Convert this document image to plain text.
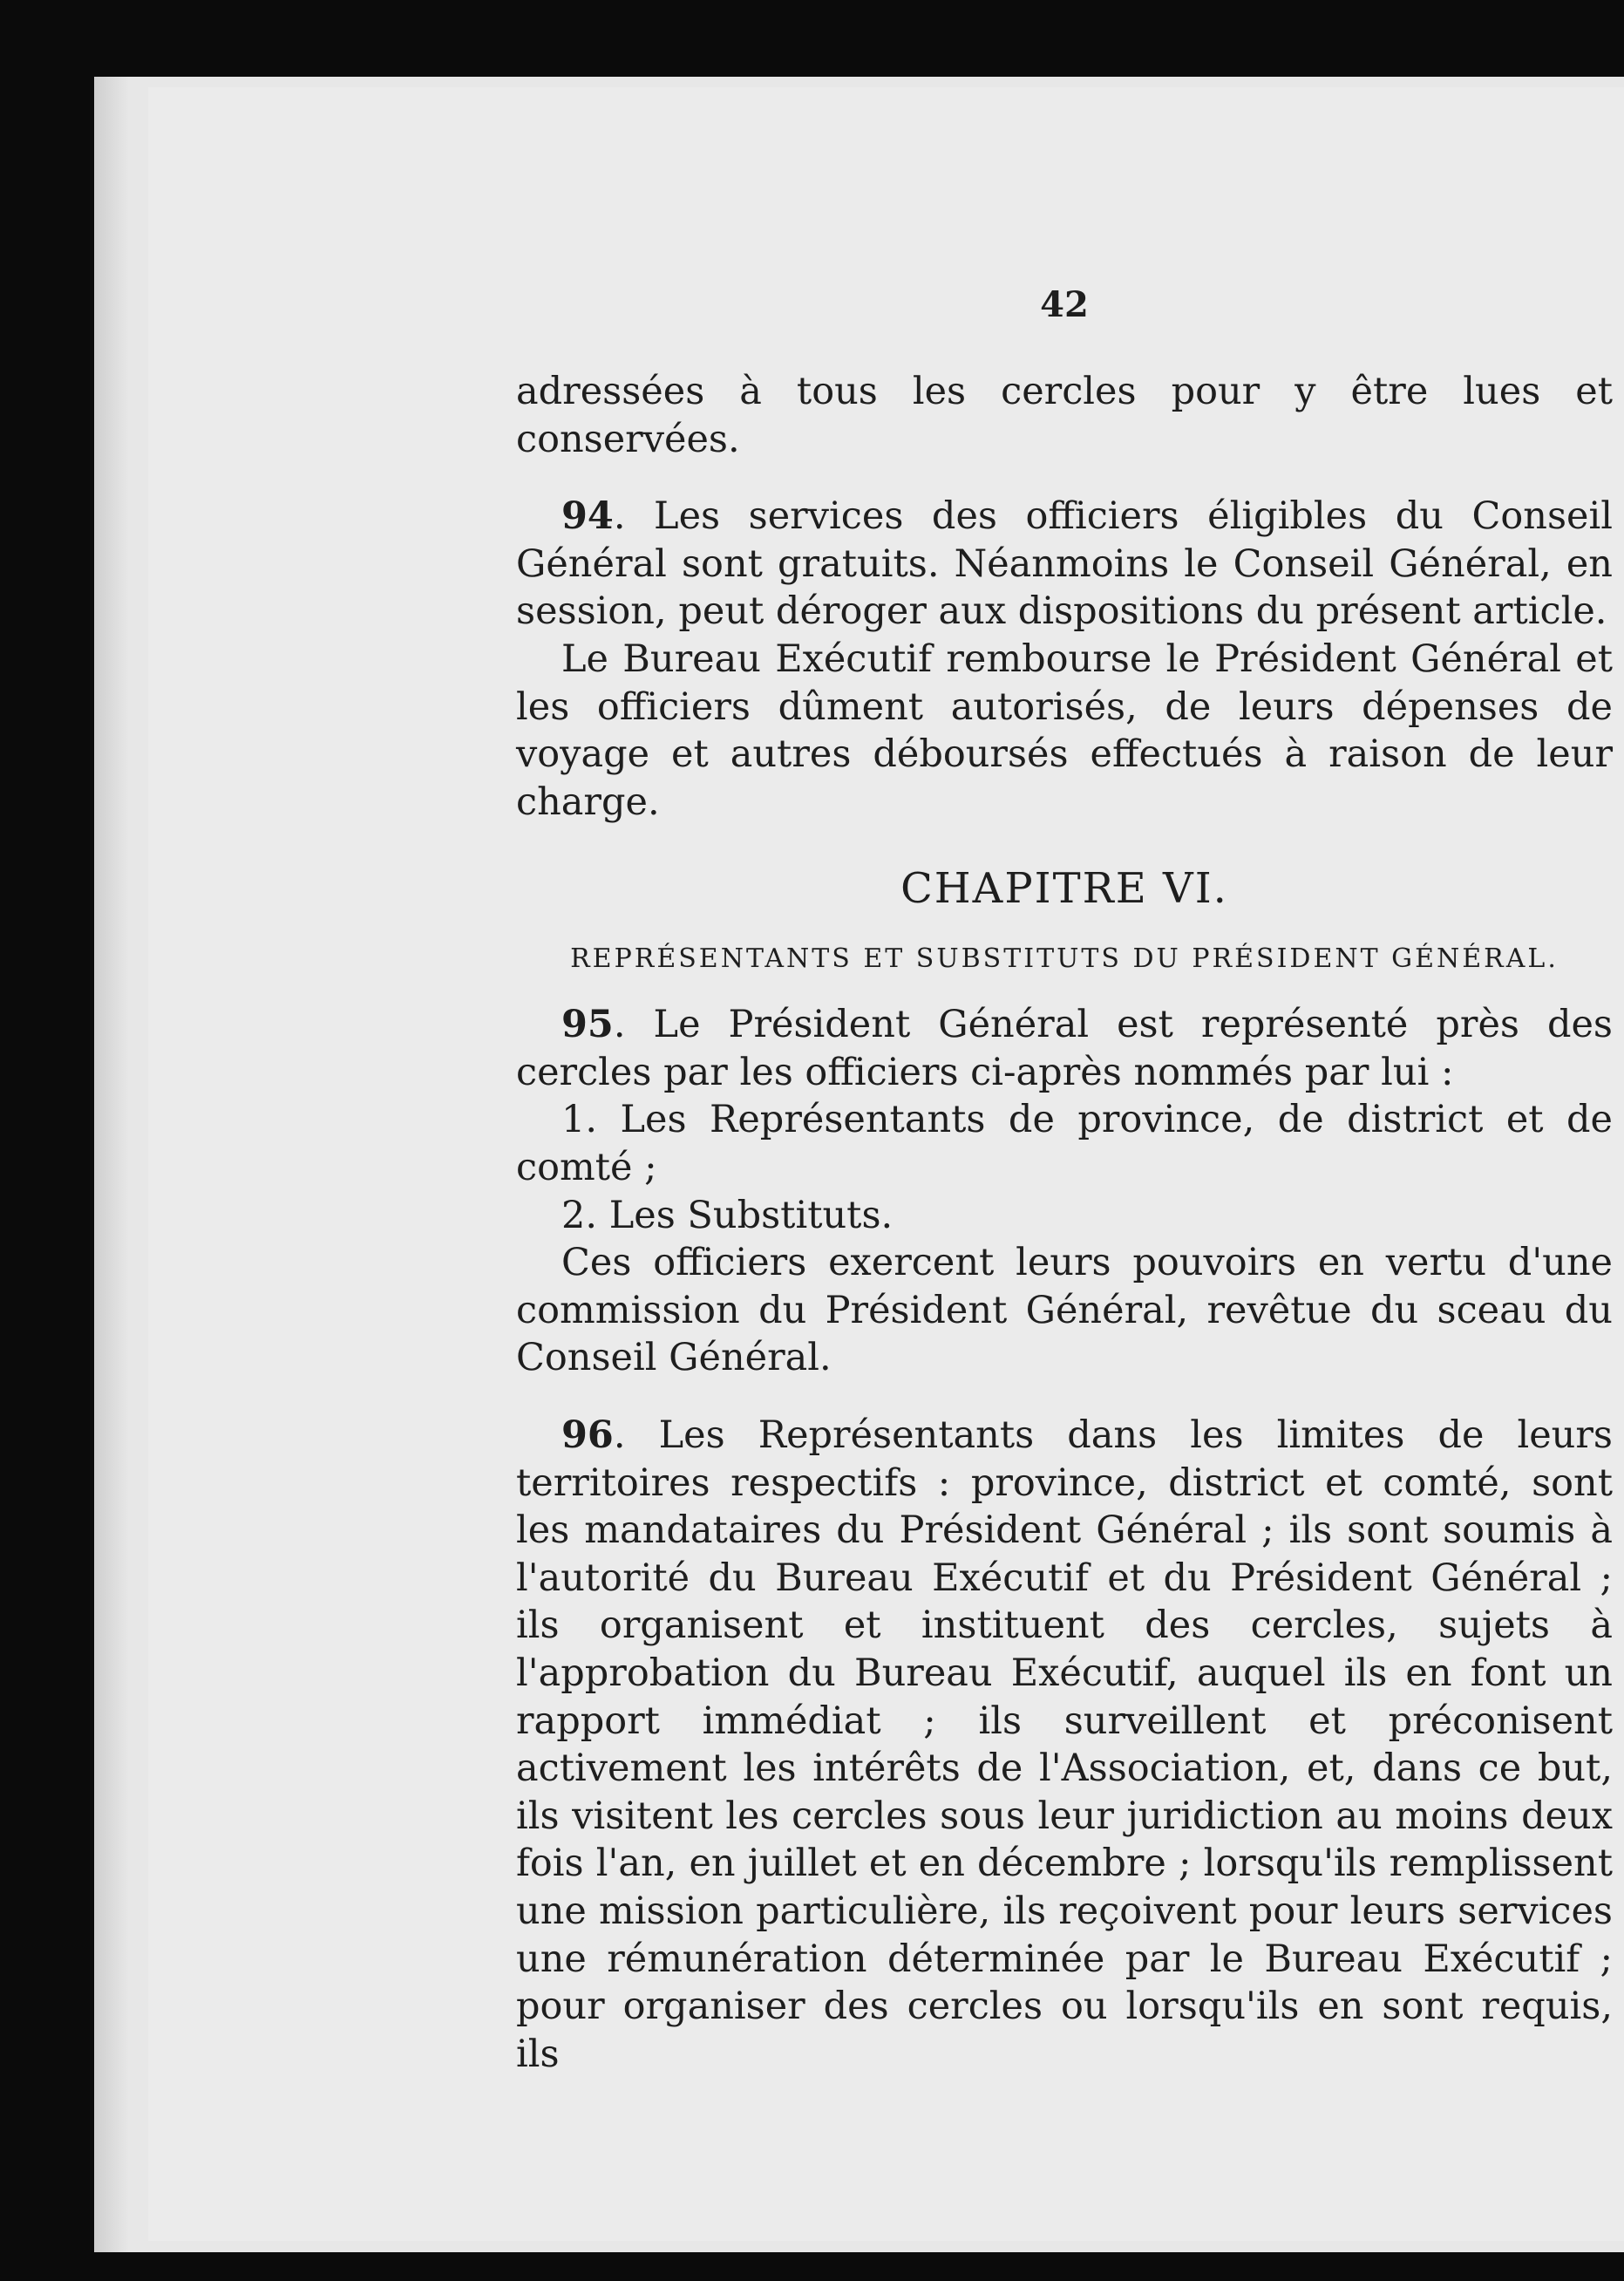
42

adressées à tous les cercles pour y être lues et conservées.

94. Les services des officiers éligibles du Conseil Général sont gratuits. Néanmoins le Conseil Général, en session, peut déroger aux dispositions du présent article.

Le Bureau Exécutif rembourse le Président Général et les officiers dûment autorisés, de leurs dépenses de voyage et autres déboursés effectués à raison de leur charge.

CHAPITRE VI.
REPRÉSENTANTS ET SUBSTITUTS DU PRÉSIDENT GÉNÉRAL.

95. Le Président Général est représenté près des cercles par les officiers ci-après nommés par lui :

1. Les Représentants de province, de district et de comté ;

2. Les Substituts.

Ces officiers exercent leurs pouvoirs en vertu d'une commission du Président Général, revêtue du sceau du Conseil Général.

96. Les Représentants dans les limites de leurs territoires respectifs : province, district et comté, sont les mandataires du Président Général ; ils sont soumis à l'autorité du Bureau Exécutif et du Président Général ; ils organisent et instituent des cercles, sujets à l'approbation du Bureau Exécutif, auquel ils en font un rapport immédiat ; ils surveillent et préconisent activement les intérêts de l'Association, et, dans ce but, ils visitent les cercles sous leur juridiction au moins deux fois l'an, en juillet et en décembre ; lorsqu'ils remplissent une mission particulière, ils reçoivent pour leurs services une rémunération déterminée par le Bureau Exécutif ; pour organiser des cercles ou lorsqu'ils en sont requis, ils
